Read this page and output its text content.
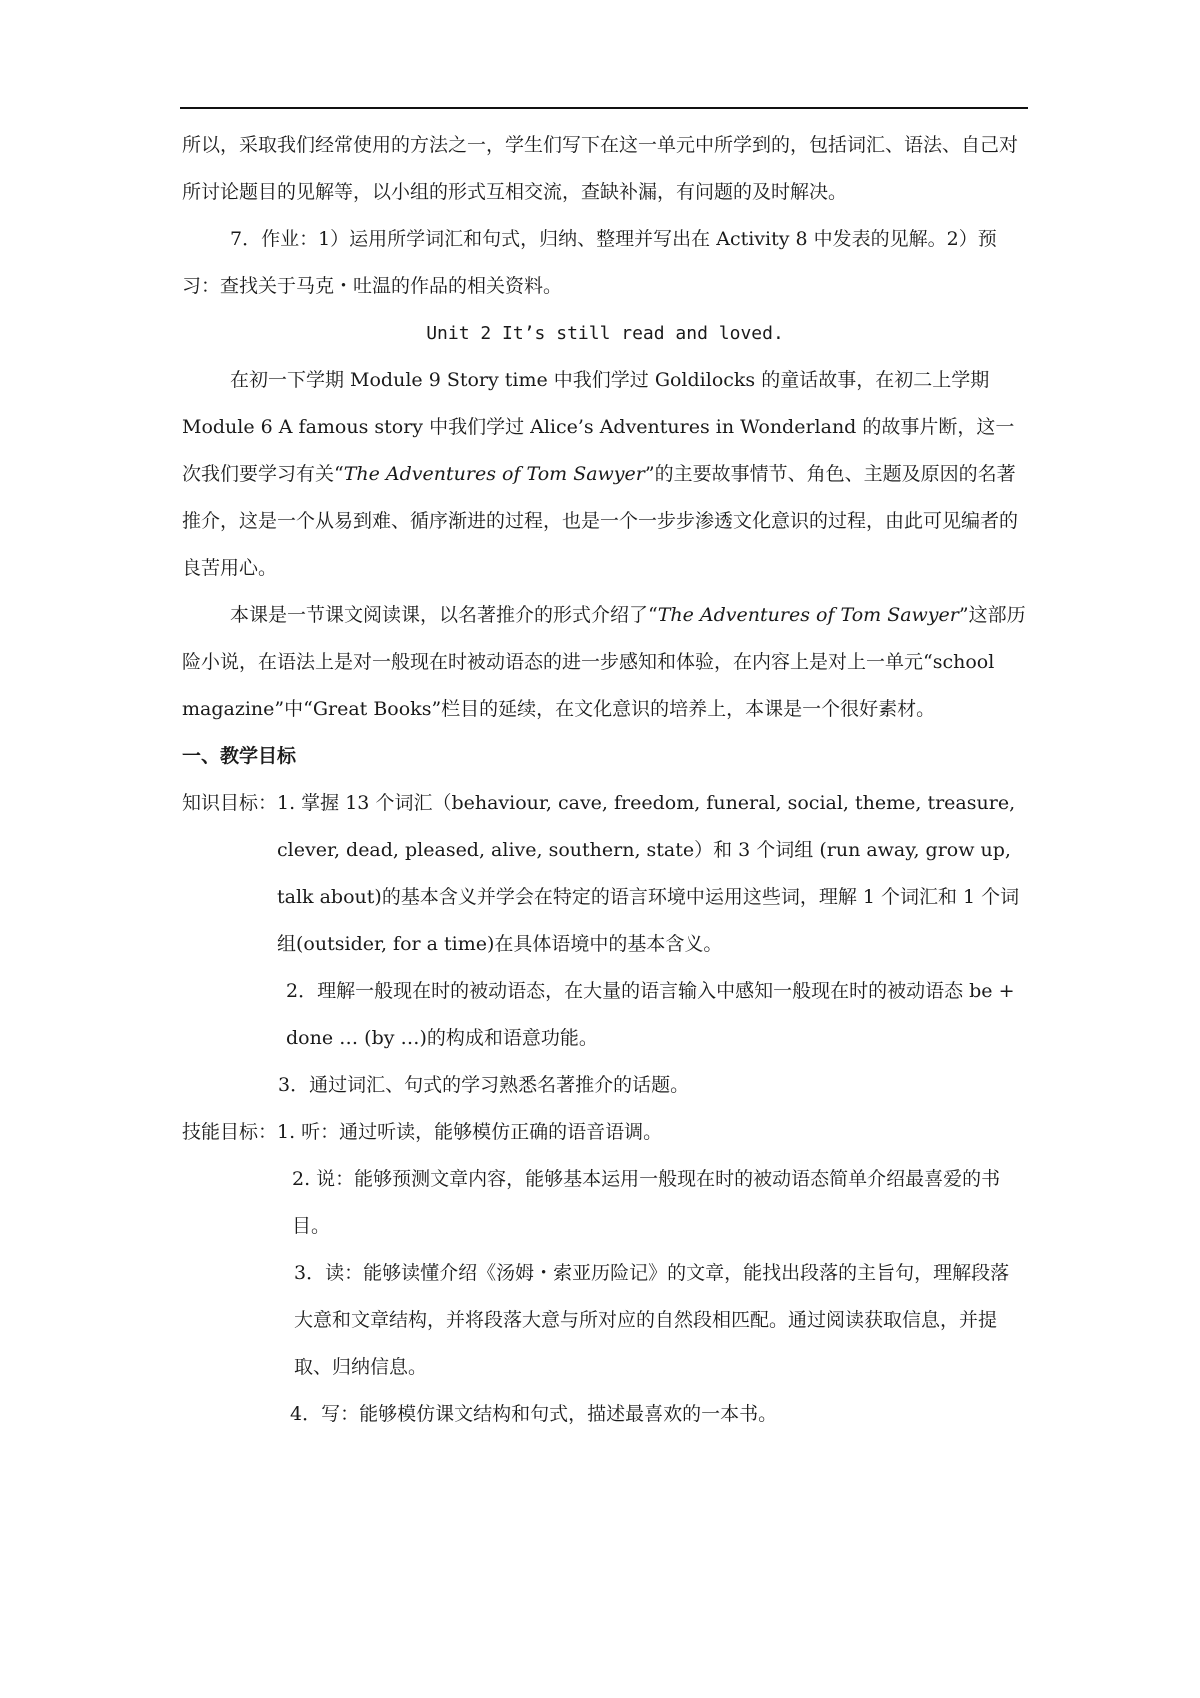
所以，采取我们经常使用的方法之一，学生们写下在这一单元中所学到的，包括词汇、语法、自己对所讨论题目的见解等，以小组的形式互相交流，查缺补漏，有问题的及时解决。

7．作业：1）运用所学词汇和句式，归纳、整理并写出在 Activity 8 中发表的见解。2）预习：查找关于马克・吐温的作品的相关资料。

Unit 2 It’s still read and loved.

在初一下学期 Module 9 Story time 中我们学过 Goldilocks 的童话故事，在初二上学期 Module 6 A famous story 中我们学过 Alice’s Adventures in Wonderland 的故事片断，这一次我们要学习有关“The Adventures of Tom Sawyer”的主要故事情节、角色、主题及原因的名著推介，这是一个从易到难、循序渐进的过程，也是一个一步步渗透文化意识的过程，由此可见编者的良苦用心。

本课是一节课文阅读课，以名著推介的形式介绍了“The Adventures of Tom Sawyer”这部历险小说，在语法上是对一般现在时被动语态的进一步感知和体验，在内容上是对上一单元“school magazine”中“Great Books”栏目的延续，在文化意识的培养上，本课是一个很好素材。

一、教学目标

知识目标： 1. 掌握 13 个词汇（behaviour, cave, freedom, funeral, social, theme, treasure, clever, dead, pleased, alive, southern, state）和 3 个词组 (run away, grow up, talk about)的基本含义并学会在特定的语言环境中运用这些词，理解 1 个词汇和 1 个词组(outsider, for a time)在具体语境中的基本含义。

2．理解一般现在时的被动语态，在大量的语言输入中感知一般现在时的被动语态 be + done … (by …)的构成和语意功能。

3．通过词汇、句式的学习熟悉名著推介的话题。

技能目标： 1. 听：通过听读，能够模仿正确的语音语调。

2. 说：能够预测文章内容，能够基本运用一般现在时的被动语态简单介绍最喜爱的书目。

3．读：能够读懂介绍《汤姆・索亚历险记》的文章，能找出段落的主旨句，理解段落大意和文章结构，并将段落大意与所对应的自然段相匹配。通过阅读获取信息，并提取、归纳信息。

4．写：能够模仿课文结构和句式，描述最喜欢的一本书。
